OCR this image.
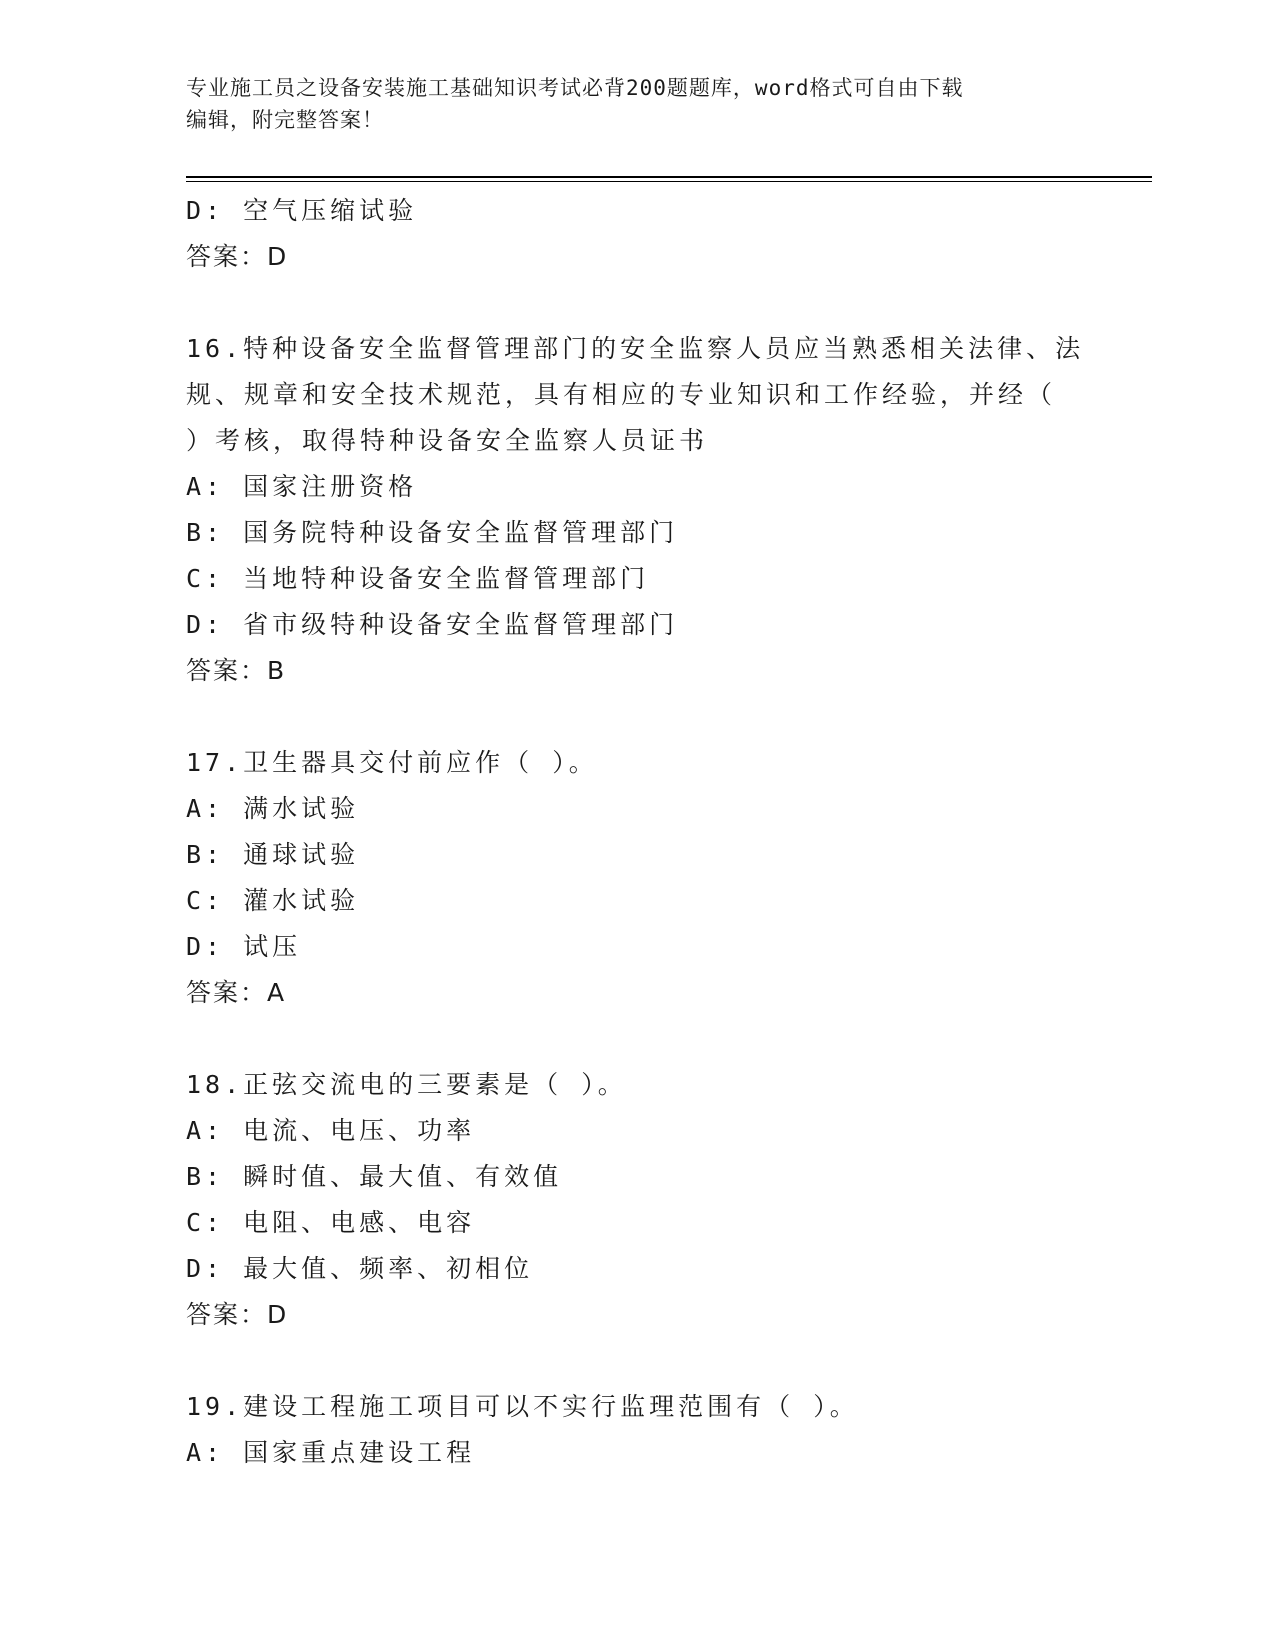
专业施工员之设备安装施工基础知识考试必背200题题库，word格式可自由下载
编辑，附完整答案！
D: 空气压缩试验
答案：D
16.特种设备安全监督管理部门的安全监察人员应当熟悉相关法律、法
规、规章和安全技术规范，具有相应的专业知识和工作经验，并经（
）考核，取得特种设备安全监察人员证书
A: 国家注册资格
B: 国务院特种设备安全监督管理部门
C: 当地特种设备安全监督管理部门
D: 省市级特种设备安全监督管理部门
答案：B
17.卫生器具交付前应作（ ）。
A: 满水试验
B: 通球试验
C: 灌水试验
D: 试压
答案：A
18.正弦交流电的三要素是（ ）。
A: 电流、电压、功率
B: 瞬时值、最大值、有效值
C: 电阻、电感、电容
D: 最大值、频率、初相位
答案：D
19.建设工程施工项目可以不实行监理范围有（ ）。
A: 国家重点建设工程
